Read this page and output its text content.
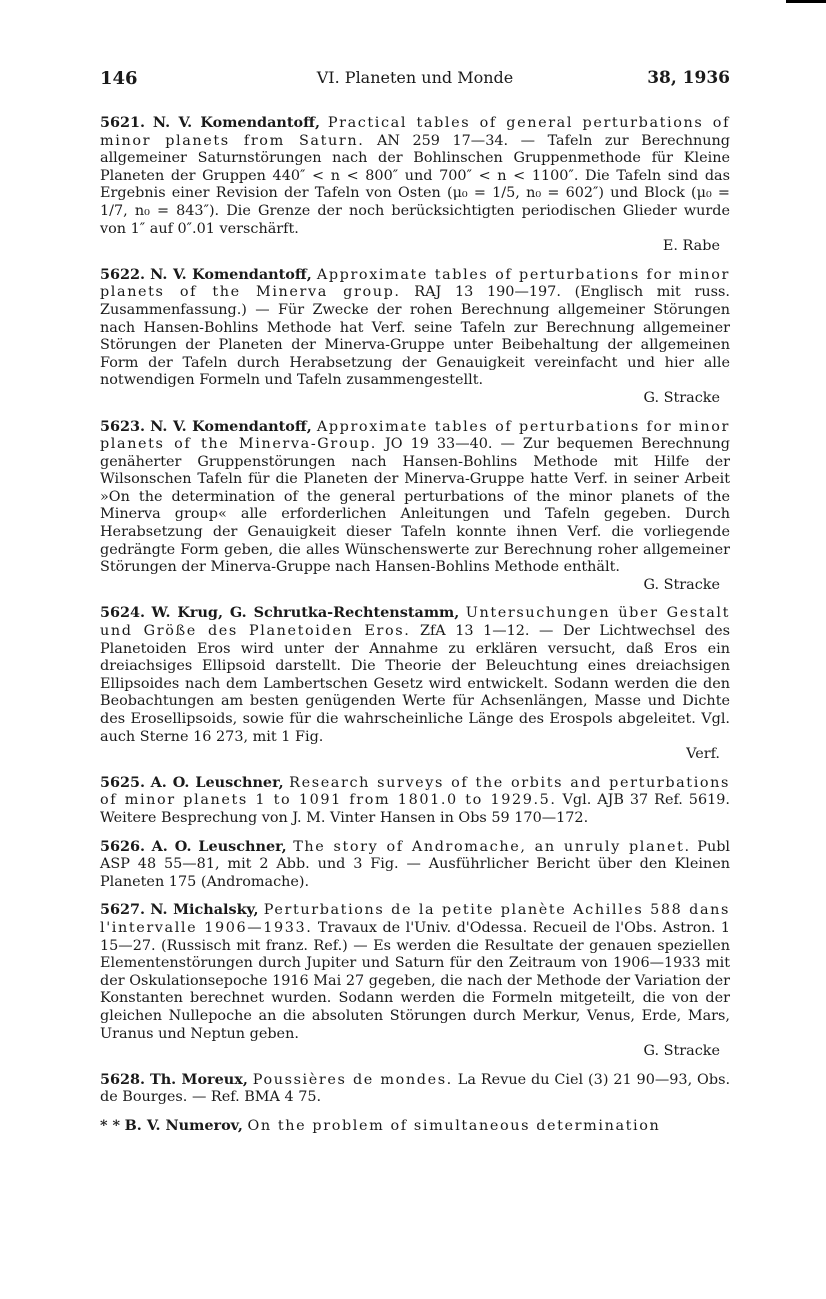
146	VI. Planeten und Monde	38, 1936
5621. N. V. Komendantoff, Practical tables of general perturbations of minor planets from Saturn. AN 259 17—34. — Tafeln zur Berechnung allgemeiner Saturnstörungen nach der Bohlinschen Gruppenmethode für Kleine Planeten der Gruppen 440″ < n < 800″ und 700″ < n < 1100″. Die Tafeln sind das Ergebnis einer Revision der Tafeln von Osten (μ₀ = 1/5, n₀ = 602″) und Block (μ₀ = 1/7, n₀ = 843″). Die Grenze der noch berücksichtigten periodischen Glieder wurde von 1″ auf 0″.01 verschärft.
E. Rabe
5622. N. V. Komendantoff, Approximate tables of perturbations for minor planets of the Minerva group. RAJ 13 190—197. (Englisch mit russ. Zusammenfassung.) — Für Zwecke der rohen Berechnung allgemeiner Störungen nach Hansen-Bohlins Methode hat Verf. seine Tafeln zur Berechnung allgemeiner Störungen der Planeten der Minerva-Gruppe unter Beibehaltung der allgemeinen Form der Tafeln durch Herabsetzung der Genauigkeit vereinfacht und hier alle notwendigen Formeln und Tafeln zusammengestellt.
G. Stracke
5623. N. V. Komendantoff, Approximate tables of perturbations for minor planets of the Minerva-Group. JO 19 33—40. — Zur bequemen Berechnung genäherter Gruppenstörungen nach Hansen-Bohlins Methode mit Hilfe der Wilsonschen Tafeln für die Planeten der Minerva-Gruppe hatte Verf. in seiner Arbeit »On the determination of the general perturbations of the minor planets of the Minerva group« alle erforderlichen Anleitungen und Tafeln gegeben. Durch Herabsetzung der Genauigkeit dieser Tafeln konnte ihnen Verf. die vorliegende gedrängte Form geben, die alles Wünschenswerte zur Berechnung roher allgemeiner Störungen der Minerva-Gruppe nach Hansen-Bohlins Methode enthält.
G. Stracke
5624. W. Krug, G. Schrutka-Rechtenstamm, Untersuchungen über Gestalt und Größe des Planetoiden Eros. ZfA 13 1—12. — Der Lichtwechsel des Planetoiden Eros wird unter der Annahme zu erklären versucht, daß Eros ein dreiachsiges Ellipsoid darstellt. Die Theorie der Beleuchtung eines dreiachsigen Ellipsoides nach dem Lambertschen Gesetz wird entwickelt. Sodann werden die den Beobachtungen am besten genügenden Werte für Achsenlängen, Masse und Dichte des Erosellipsoids, sowie für die wahrscheinliche Länge des Erospols abgeleitet. Vgl. auch Sterne 16 273, mit 1 Fig.
Verf.
5625. A. O. Leuschner, Research surveys of the orbits and perturbations of minor planets 1 to 1091 from 1801.0 to 1929.5. Vgl. AJB 37 Ref. 5619. Weitere Besprechung von J. M. Vinter Hansen in Obs 59 170—172.
5626. A. O. Leuschner, The story of Andromache, an unruly planet. Publ ASP 48 55—81, mit 2 Abb. und 3 Fig. — Ausführlicher Bericht über den Kleinen Planeten 175 (Andromache).
5627. N. Michalsky, Perturbations de la petite planète Achilles 588 dans l'intervalle 1906—1933. Travaux de l'Univ. d'Odessa. Recueil de l'Obs. Astron. 1 15—27. (Russisch mit franz. Ref.) — Es werden die Resultate der genauen speziellen Elementenstörungen durch Jupiter und Saturn für den Zeitraum von 1906—1933 mit der Oskulationsepoche 1916 Mai 27 gegeben, die nach der Methode der Variation der Konstanten berechnet wurden. Sodann werden die Formeln mitgeteilt, die von der gleichen Nullepoche an die absoluten Störungen durch Merkur, Venus, Erde, Mars, Uranus und Neptun geben.
G. Stracke
5628. Th. Moreux, Poussières de mondes. La Revue du Ciel (3) 21 90—93, Obs. de Bourges. — Ref. BMA 4 75.
* * B. V. Numerov, On the problem of simultaneous determination
